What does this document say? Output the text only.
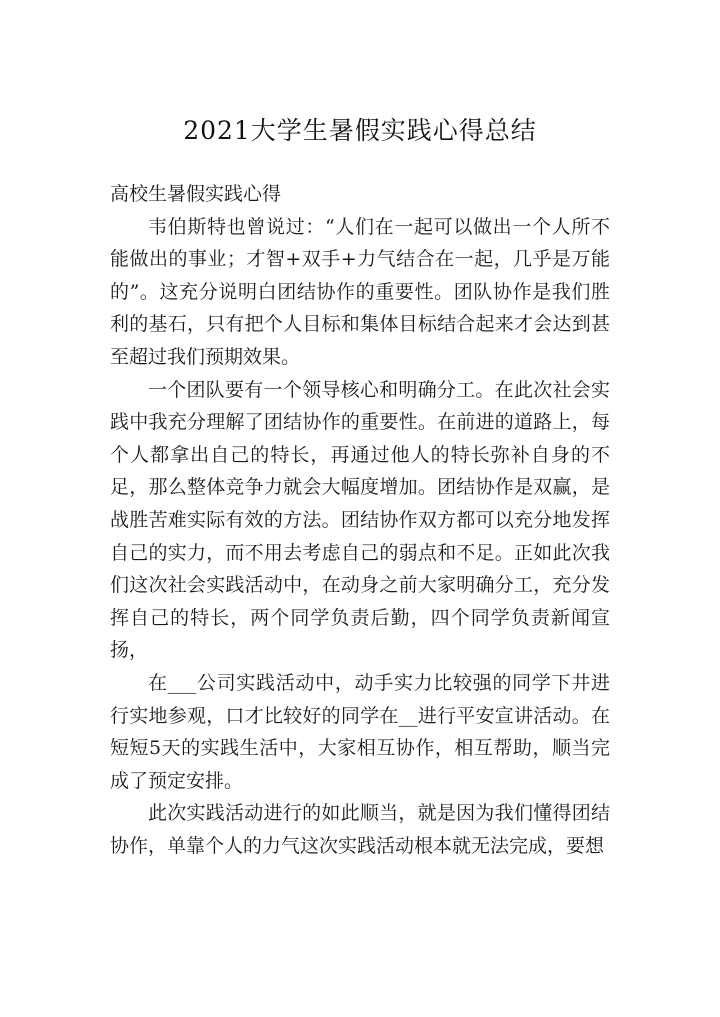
2021大学生暑假实践心得总结

高校生暑假实践心得

韦伯斯特也曾说过：“人们在一起可以做出一个人所不能做出的事业；才智+双手+力气结合在一起，几乎是万能的”。这充分说明白团结协作的重要性。团队协作是我们胜利的基石，只有把个人目标和集体目标结合起来才会达到甚至超过我们预期效果。

一个团队要有一个领导核心和明确分工。在此次社会实践中我充分理解了团结协作的重要性。在前进的道路上，每个人都拿出自己的特长，再通过他人的特长弥补自身的不足，那么整体竞争力就会大幅度增加。团结协作是双赢，是战胜苦难实际有效的方法。团结协作双方都可以充分地发挥自己的实力，而不用去考虑自己的弱点和不足。正如此次我们这次社会实践活动中，在动身之前大家明确分工，充分发挥自己的特长，两个同学负责后勤，四个同学负责新闻宣扬，

在___公司实践活动中，动手实力比较强的同学下井进行实地参观，口才比较好的同学在__进行平安宣讲活动。在短短5天的实践生活中，大家相互协作，相互帮助，顺当完成了预定安排。

此次实践活动进行的如此顺当，就是因为我们懂得团结协作，单靠个人的力气这次实践活动根本就无法完成，要想
